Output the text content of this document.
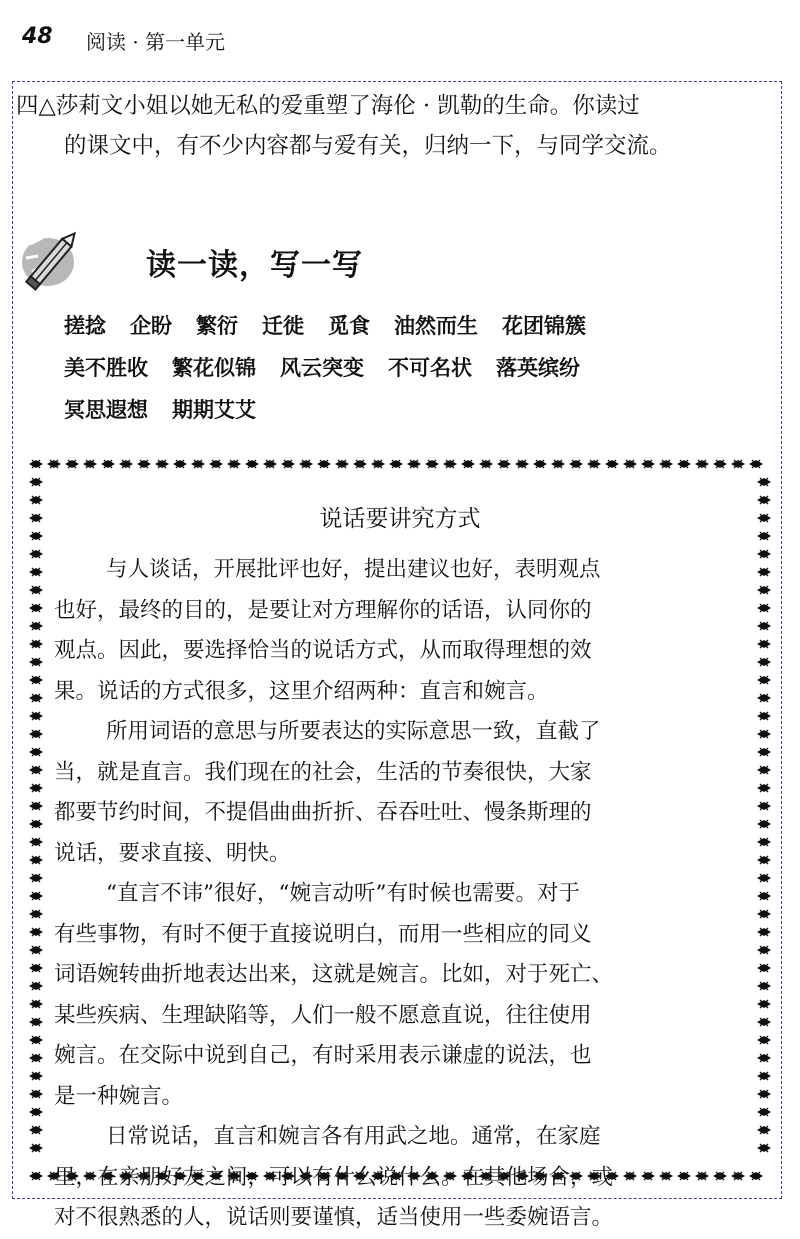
48 阅读 · 第一单元
四△莎莉文小姐以她无私的爱重塑了海伦 · 凯勒的生命。你读过
的课文中，有不少内容都与爱有关，归纳一下，与同学交流。
读一读，写一写
搓捻 企盼 繁衍 迁徙 觅食 油然而生 花团锦簇
美不胜收 繁花似锦 风云突变 不可名状 落英缤纷
冥思遐想 期期艾艾
说话要讲究方式
与人谈话，开展批评也好，提出建议也好，表明观点
也好，最终的目的，是要让对方理解你的话语，认同你的
观点。因此，要选择恰当的说话方式，从而取得理想的效
果。说话的方式很多，这里介绍两种：直言和婉言。
所用词语的意思与所要表达的实际意思一致，直截了
当，就是直言。我们现在的社会，生活的节奏很快，大家
都要节约时间，不提倡曲曲折折、吞吞吐吐、慢条斯理的
说话，要求直接、明快。
“直言不讳”很好，“婉言动听”有时候也需要。对于
有些事物，有时不便于直接说明白，而用一些相应的同义
词语婉转曲折地表达出来，这就是婉言。比如，对于死亡、
某些疾病、生理缺陷等，人们一般不愿意直说，往往使用
婉言。在交际中说到自己，有时采用表示谦虚的说法，也
是一种婉言。
日常说话，直言和婉言各有用武之地。通常，在家庭
里，在亲朋好友之间，可以有什么说什么。在其他场合，或
对不很熟悉的人，说话则要谨慎，适当使用一些委婉语言。
